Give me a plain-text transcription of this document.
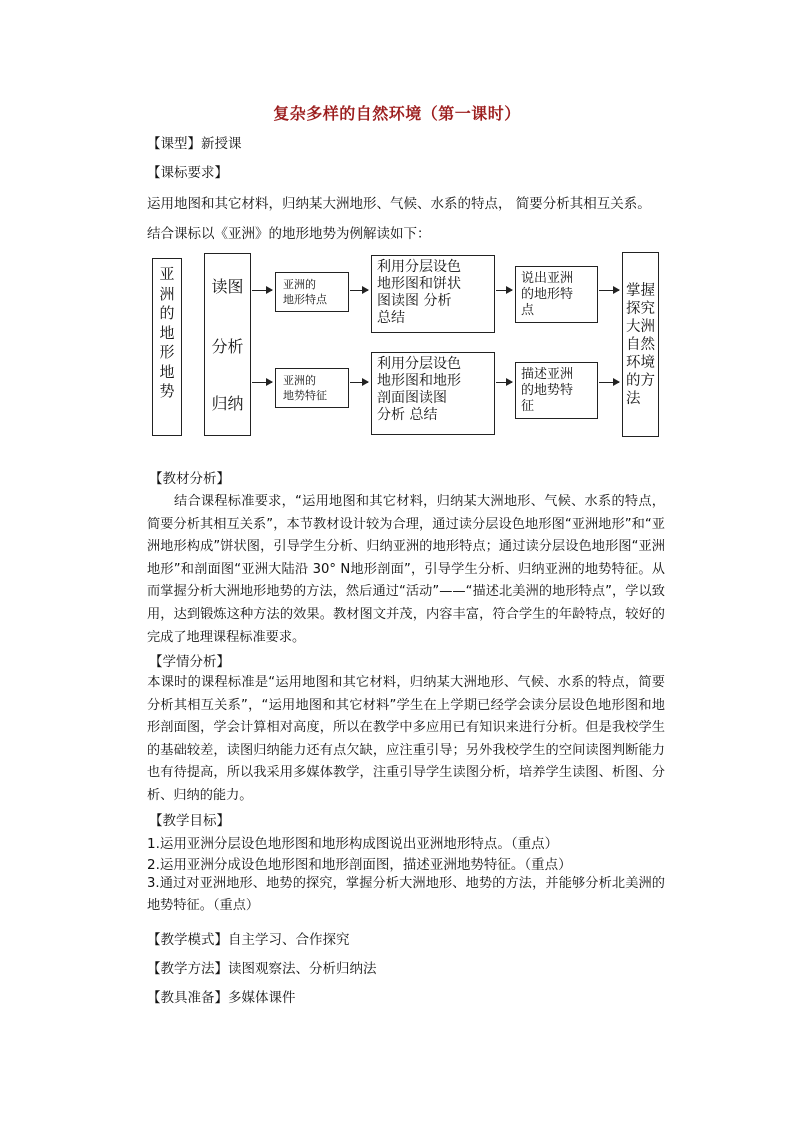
复杂多样的自然环境（第一课时）
【课型】新授课
【课标要求】
运用地图和其它材料，归纳某大洲地形、气候、水系的特点， 简要分析其相互关系。
结合课标以《亚洲》的地形地势为例解读如下：
亚
洲
的
地
形
地
势
读图
分析
归纳
亚洲的
地形特点
亚洲的
地势特征
利用分层设色
地形图和饼状
图读图 分析
总结
利用分层设色
地形图和地形
剖面图读图
分析 总结
说出亚洲
的地形特
点
描述亚洲
的地势特
征
掌握
探究
大洲
自然
环境
的方
法
【教材分析】
结合课程标准要求，“运用地图和其它材料，归纳某大洲地形、气候、水系的特点，简要分析其相互关系”，本节教材设计较为合理，通过读分层设色地形图“亚洲地形”和“亚洲地形构成”饼状图，引导学生分析、归纳亚洲的地形特点；通过读分层设色地形图“亚洲地形”和剖面图“亚洲大陆沿 30° N地形剖面”，引导学生分析、归纳亚洲的地势特征。从而掌握分析大洲地形地势的方法，然后通过“活动”——“描述北美洲的地形特点”，学以致用，达到锻炼这种方法的效果。教材图文并茂，内容丰富，符合学生的年龄特点，较好的完成了地理课程标准要求。
【学情分析】
本课时的课程标准是“运用地图和其它材料，归纳某大洲地形、气候、水系的特点，简要分析其相互关系”，“运用地图和其它材料”学生在上学期已经学会读分层设色地形图和地形剖面图，学会计算相对高度，所以在教学中多应用已有知识来进行分析。但是我校学生的基础较差，读图归纳能力还有点欠缺，应注重引导；另外我校学生的空间读图判断能力也有待提高，所以我采用多媒体教学，注重引导学生读图分析，培养学生读图、析图、分析、归纳的能力。
【教学目标】
1.运用亚洲分层设色地形图和地形构成图说出亚洲地形特点。（重点）
2.运用亚洲分成设色地形图和地形剖面图，描述亚洲地势特征。（重点）
3.通过对亚洲地形、地势的探究，掌握分析大洲地形、地势的方法，并能够分析北美洲的地势特征。（重点）
【教学模式】自主学习、合作探究
【教学方法】读图观察法、分析归纳法
【教具准备】多媒体课件
